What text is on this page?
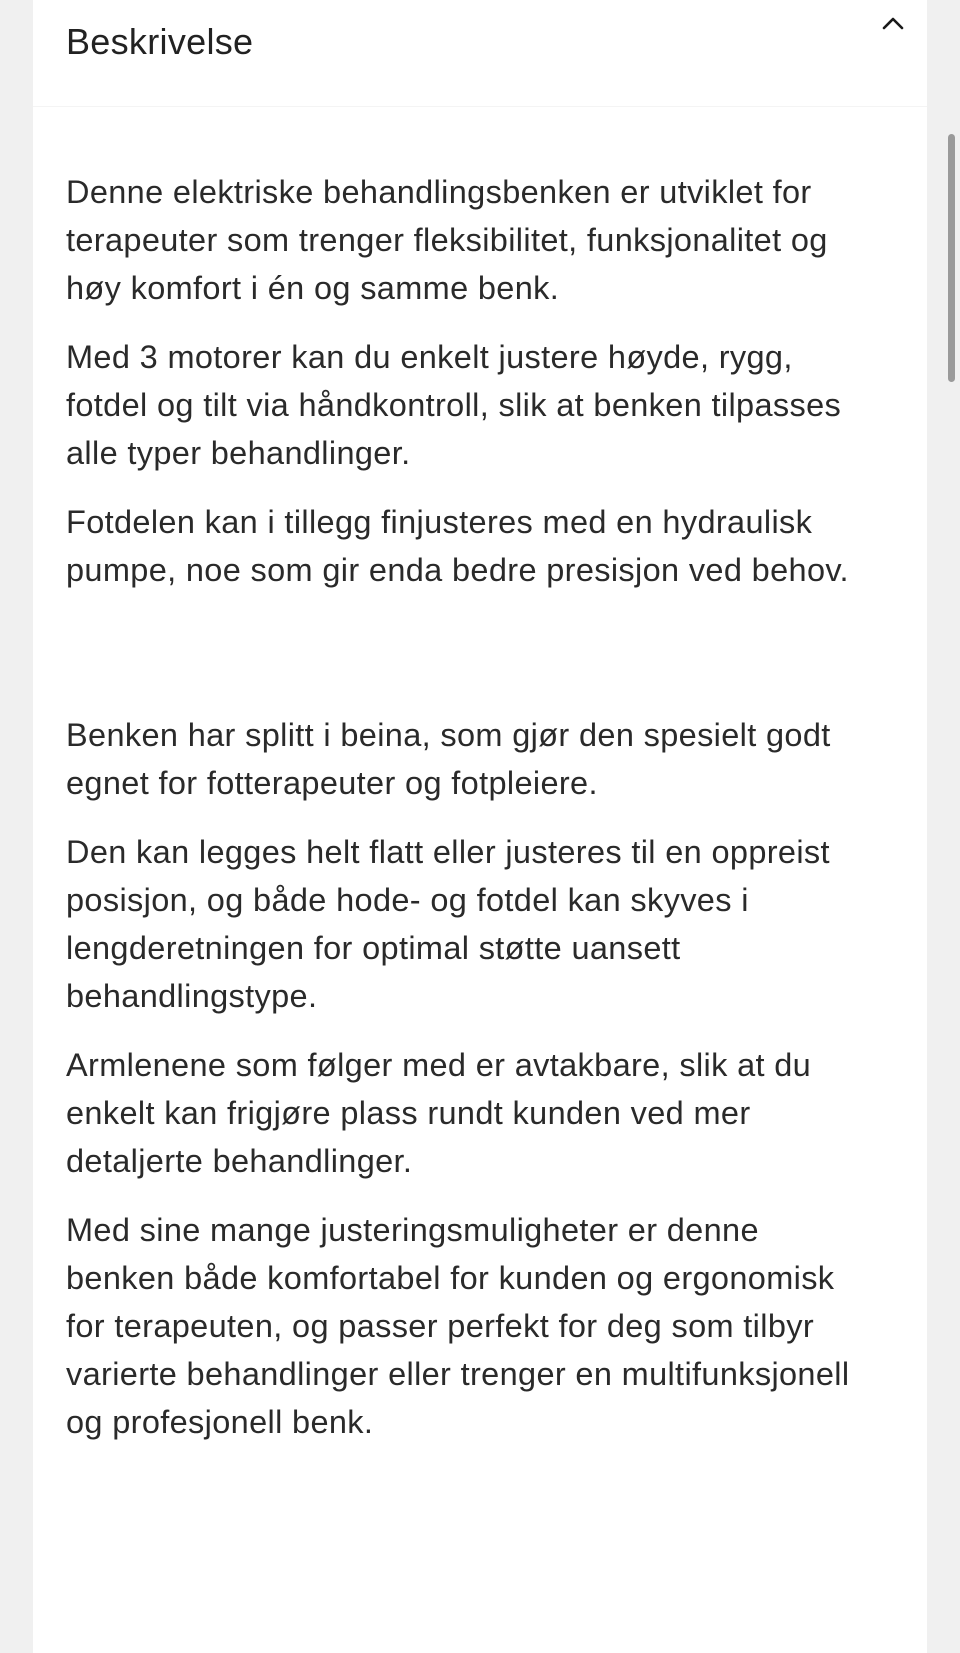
Beskrivelse

Denne elektriske behandlingsbenken er utviklet for terapeuter som trenger fleksibilitet, funksjonalitet og høy komfort i én og samme benk.

Med 3 motorer kan du enkelt justere høyde, rygg, fotdel og tilt via håndkontroll, slik at benken tilpasses alle typer behandlinger.

Fotdelen kan i tillegg finjusteres med en hydraulisk pumpe, noe som gir enda bedre presisjon ved behov.

Benken har splitt i beina, som gjør den spesielt godt egnet for fotterapeuter og fotpleiere.

Den kan legges helt flatt eller justeres til en oppreist posisjon, og både hode- og fotdel kan skyves i lengderetningen for optimal støtte uansett behandlingstype.

Armlenene som følger med er avtakbare, slik at du enkelt kan frigjøre plass rundt kunden ved mer detaljerte behandlinger.

Med sine mange justeringsmuligheter er denne benken både komfortabel for kunden og ergonomisk for terapeuten, og passer perfekt for deg som tilbyr varierte behandlinger eller trenger en multifunksjonell og profesjonell benk.
